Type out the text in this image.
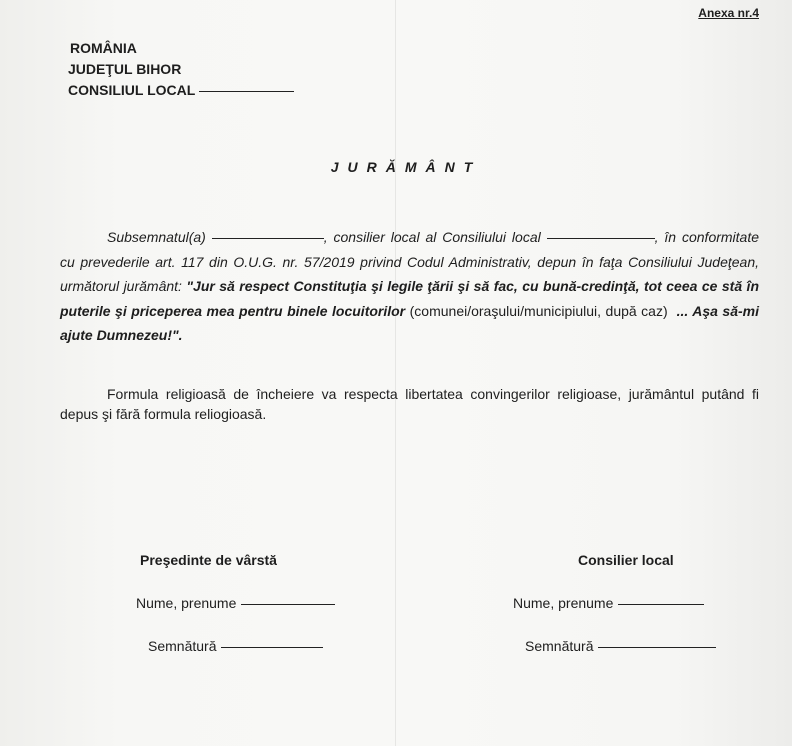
Anexa nr.4
ROMÂNIA
JUDEŢUL BIHOR
CONSILIUL LOCAL
JURĂMÂNT
Subsemnatul(a)	, consilier local al Consiliului local	, în conformitate cu prevederile art. 117 din O.U.G. nr. 57/2019 privind Codul Administrativ, depun în faţa Consiliului Judeţean, următorul jurământ: "Jur să respect Constituţia şi legile ţării şi să fac, cu bună-credinţă, tot ceea ce stă în puterile şi priceperea mea pentru binele locuitorilor (comunei/oraşului/municipiului, după caz) ... Aşa să-mi ajute Dumnezeu!".
Formula religioasă de încheiere va respecta libertatea convingerilor religioase, jurământul putând fi depus şi fără formula reliogioasă.
Preşedinte de vârstă
Nume, prenume
Semnătură
Consilier local
Nume, prenume
Semnătură
